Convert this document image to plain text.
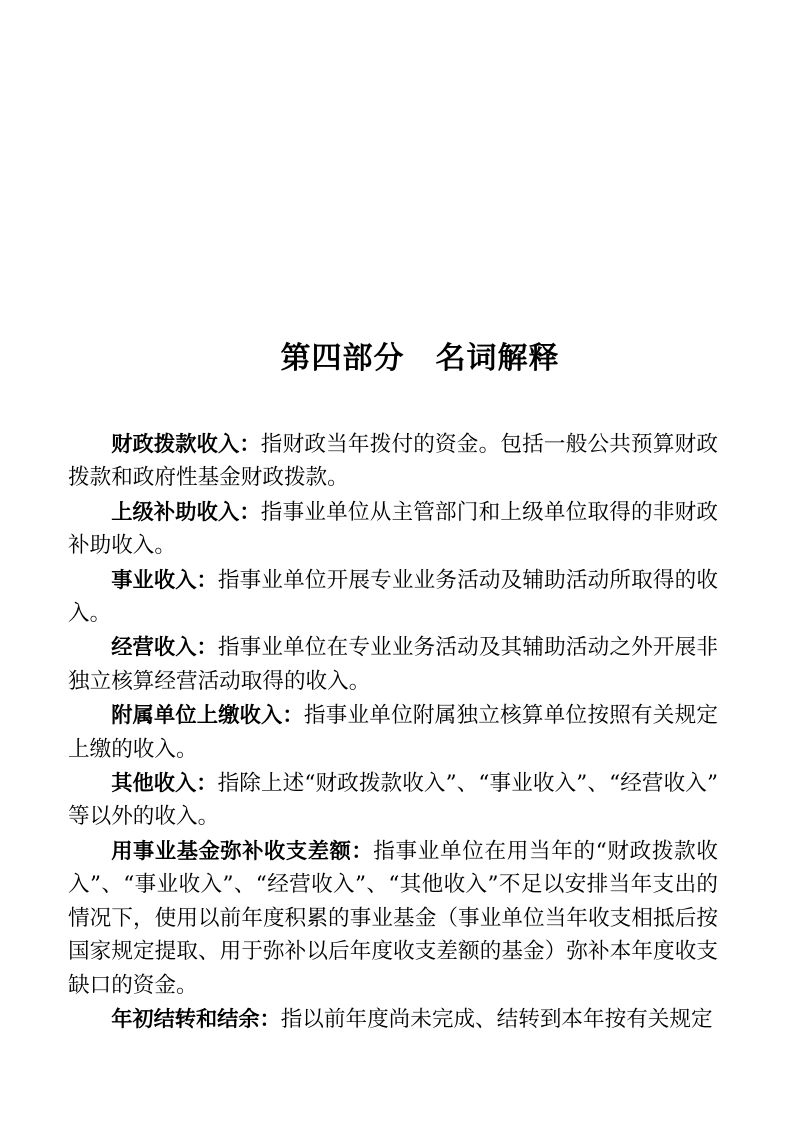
第四部分　名词解释

财政拨款收入：指财政当年拨付的资金。包括一般公共预算财政拨款和政府性基金财政拨款。

上级补助收入：指事业单位从主管部门和上级单位取得的非财政补助收入。

事业收入：指事业单位开展专业业务活动及辅助活动所取得的收入。

经营收入：指事业单位在专业业务活动及其辅助活动之外开展非独立核算经营活动取得的收入。

附属单位上缴收入：指事业单位附属独立核算单位按照有关规定上缴的收入。

其他收入：指除上述“财政拨款收入”、“事业收入”、“经营收入”等以外的收入。

用事业基金弥补收支差额：指事业单位在用当年的“财政拨款收入”、“事业收入”、“经营收入”、“其他收入”不足以安排当年支出的情况下，使用以前年度积累的事业基金（事业单位当年收支相抵后按国家规定提取、用于弥补以后年度收支差额的基金）弥补本年度收支缺口的资金。

年初结转和结余：指以前年度尚未完成、结转到本年按有关规定
